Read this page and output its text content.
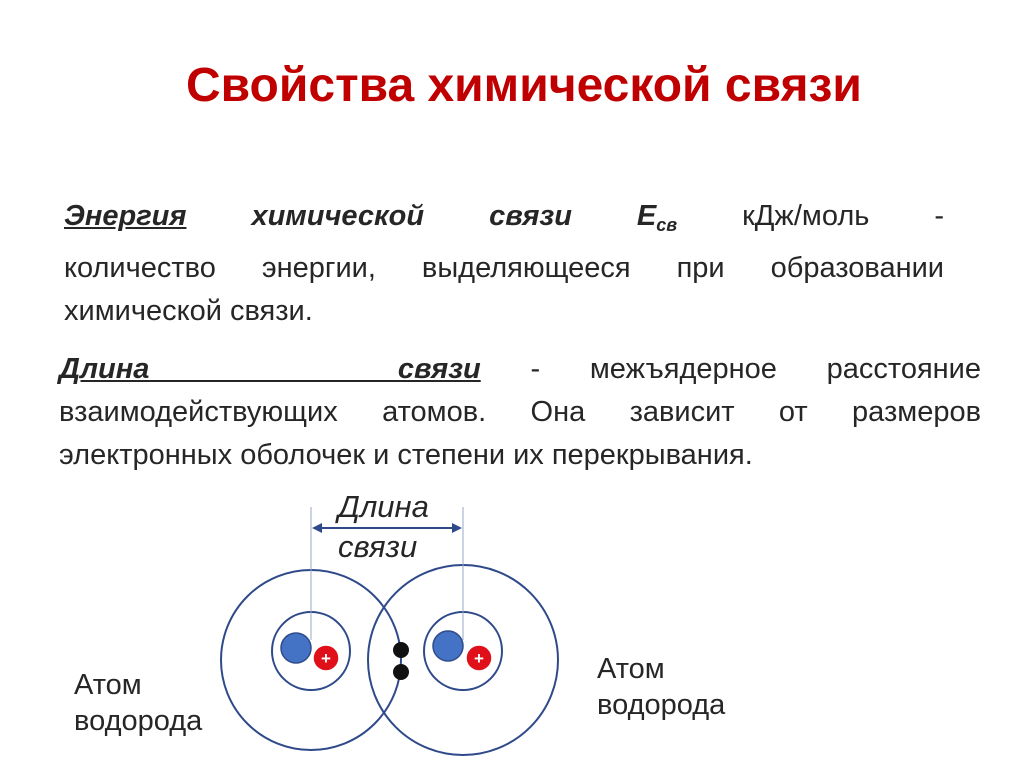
Свойства химической связи
Энергия химической связи $E_{св}$ кДж/моль -
количество энергии, выделяющееся при образовании
химической связи.
Длина     связи - межъядерное расстояние
взаимодействующих атомов. Она зависит от размеров
электронных оболочек и степени их перекрывания.
+	+
Длина
связи
Атом
водорода
Атом
водорода
